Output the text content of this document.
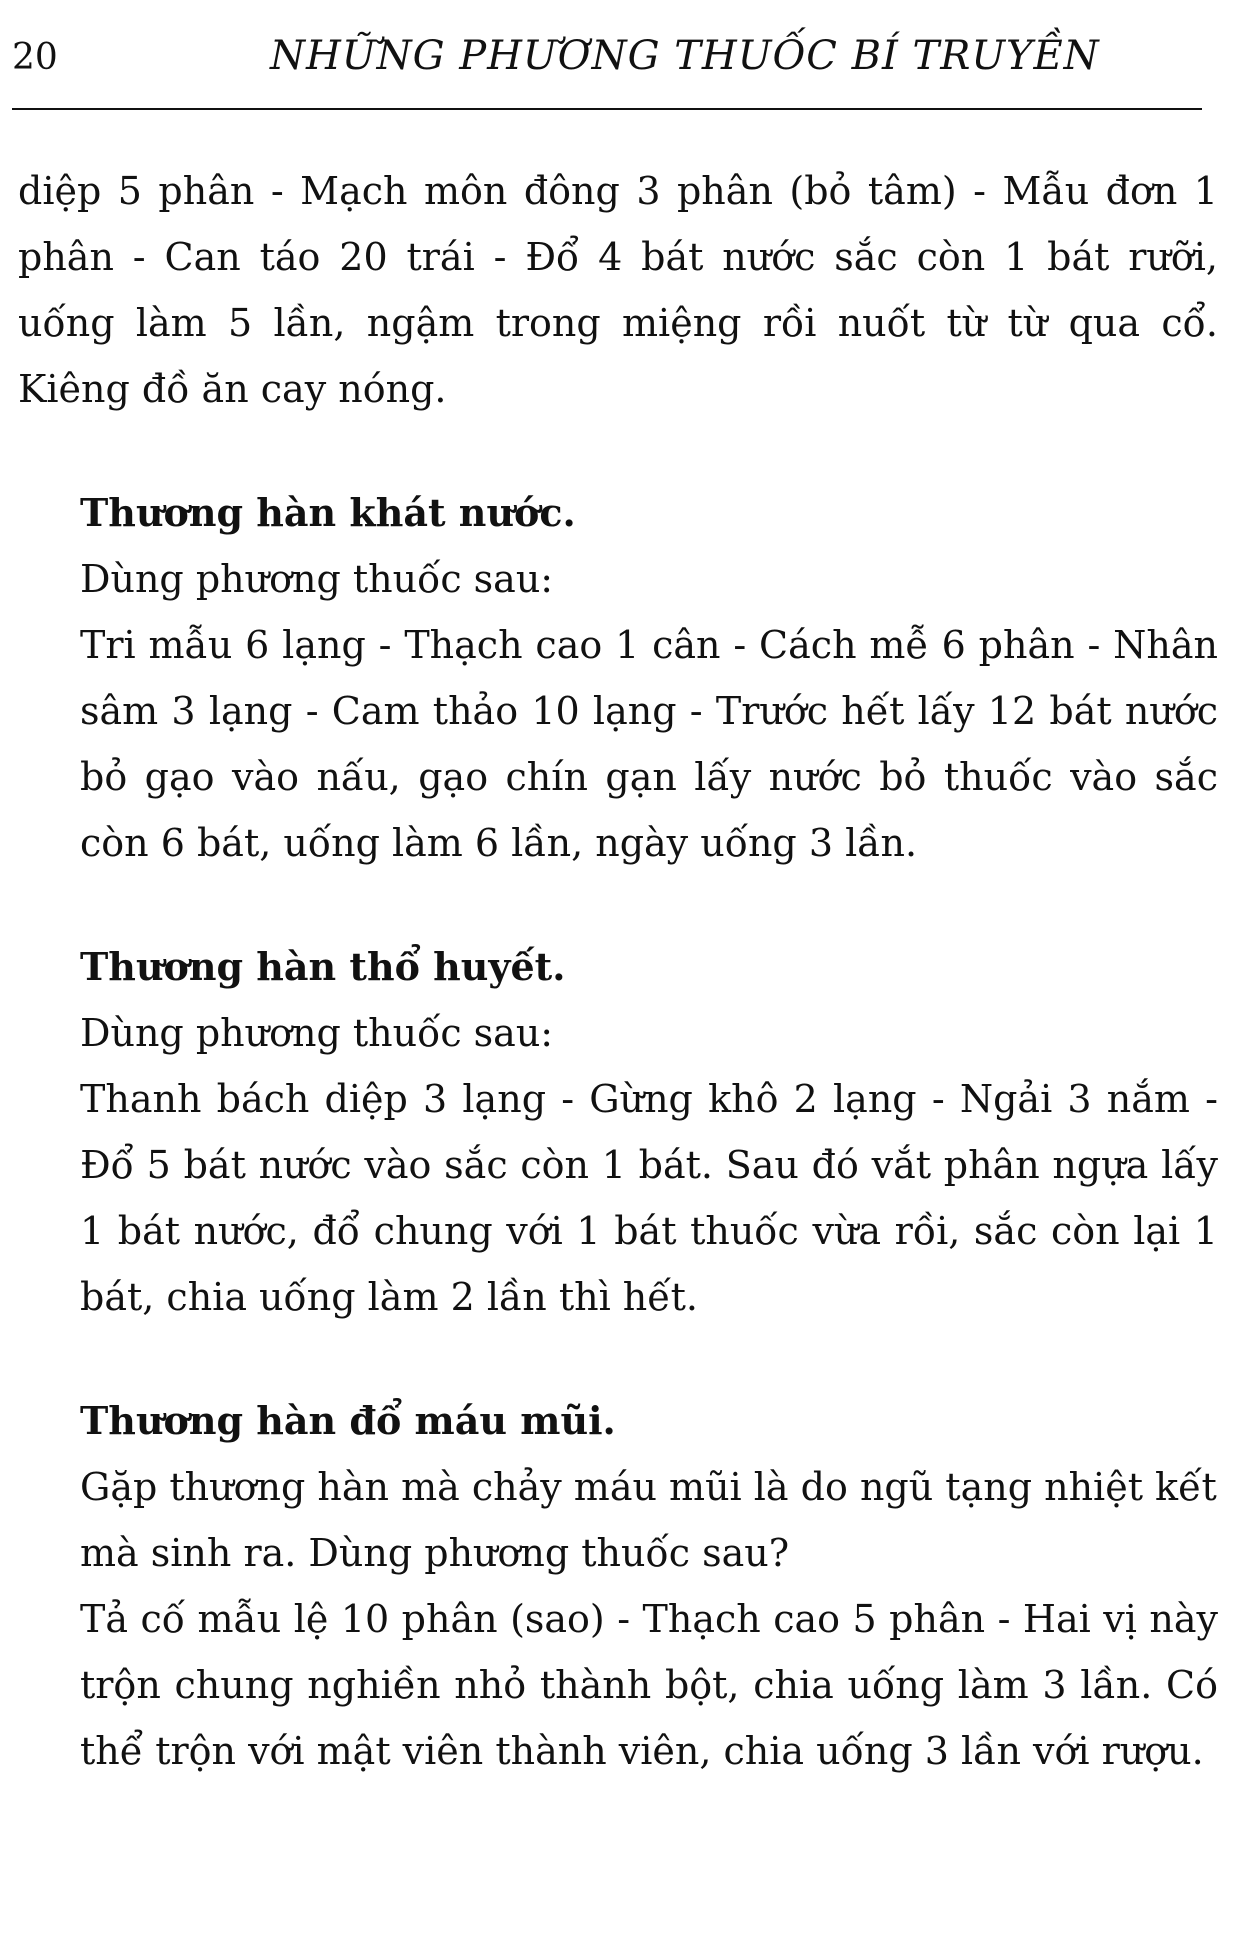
20	NHỮNG PHƯƠNG THUỐC BÍ TRUYỀN

diệp 5 phân - Mạch môn đông 3 phân (bỏ tâm) - Mẫu đơn 1 phân - Can táo 20 trái - Đổ 4 bát nước sắc còn 1 bát rưỡi, uống làm 5 lần, ngậm trong miệng rồi nuốt từ từ qua cổ. Kiêng đồ ăn cay nóng.

Thương hàn khát nước.

Dùng phương thuốc sau:

Tri mẫu 6 lạng - Thạch cao 1 cân - Cách mễ 6 phân - Nhân sâm 3 lạng - Cam thảo 10 lạng - Trước hết lấy 12 bát nước bỏ gạo vào nấu, gạo chín gạn lấy nước bỏ thuốc vào sắc còn 6 bát, uống làm 6 lần, ngày uống 3 lần.

Thương hàn thổ huyết.

Dùng phương thuốc sau:

Thanh bách diệp 3 lạng - Gừng khô 2 lạng - Ngải 3 nắm - Đổ 5 bát nước vào sắc còn 1 bát. Sau đó vắt phân ngựa lấy 1 bát nước, đổ chung với 1 bát thuốc vừa rồi, sắc còn lại 1 bát, chia uống làm 2 lần thì hết.

Thương hàn đổ máu mũi.

Gặp thương hàn mà chảy máu mũi là do ngũ tạng nhiệt kết mà sinh ra. Dùng phương thuốc sau?

Tả cố mẫu lệ 10 phân (sao) - Thạch cao 5 phân - Hai vị này trộn chung nghiền nhỏ thành bột, chia uống làm 3 lần. Có thể trộn với mật viên thành viên, chia uống 3 lần với rượu.
